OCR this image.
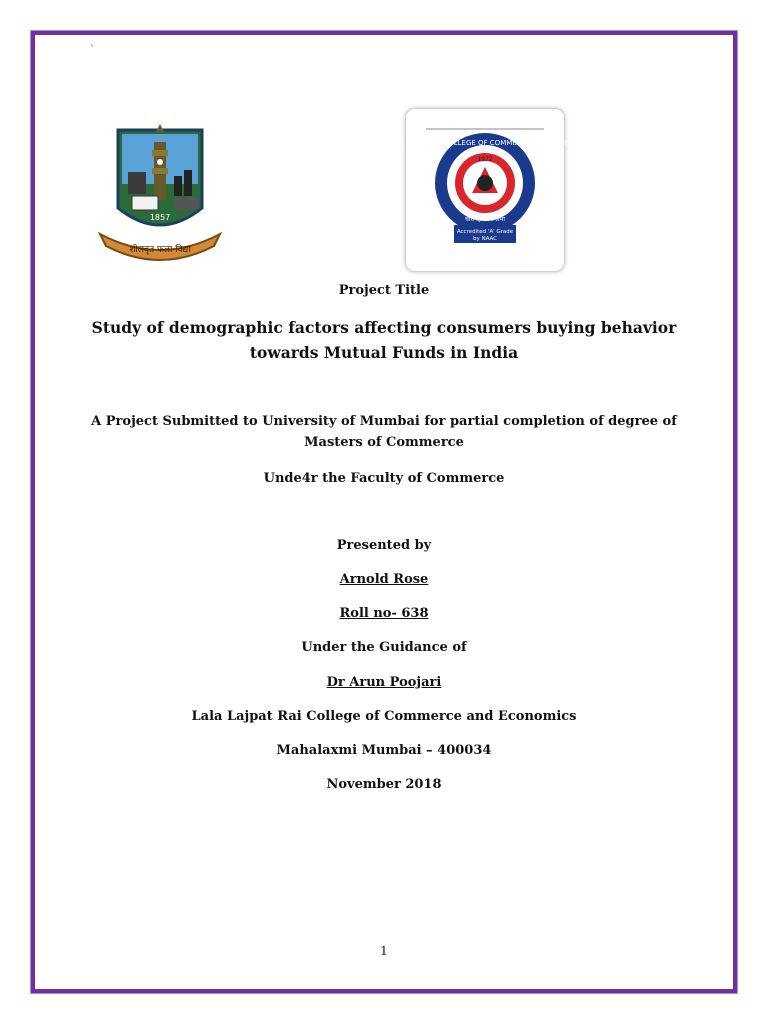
`
1857
शीलवृत फला विद्या
LALA LAJPATRAI COLLEGE OF COMMERCE & ECONOMICS
1972
चारो हि तस्मा प्रभा
Accredited 'A' Grade
by NAAC
Project Title
Study of demographic factors affecting consumers buying behavior
towards Mutual Funds in India
A Project Submitted to University of Mumbai for partial completion of degree of
Masters of Commerce
Unde4r the Faculty of Commerce
Presented by
Arnold Rose
Roll no- 638
Under the Guidance of
Dr Arun Poojari
Lala Lajpat Rai College of Commerce and Economics
Mahalaxmi Mumbai – 400034
November 2018
1
